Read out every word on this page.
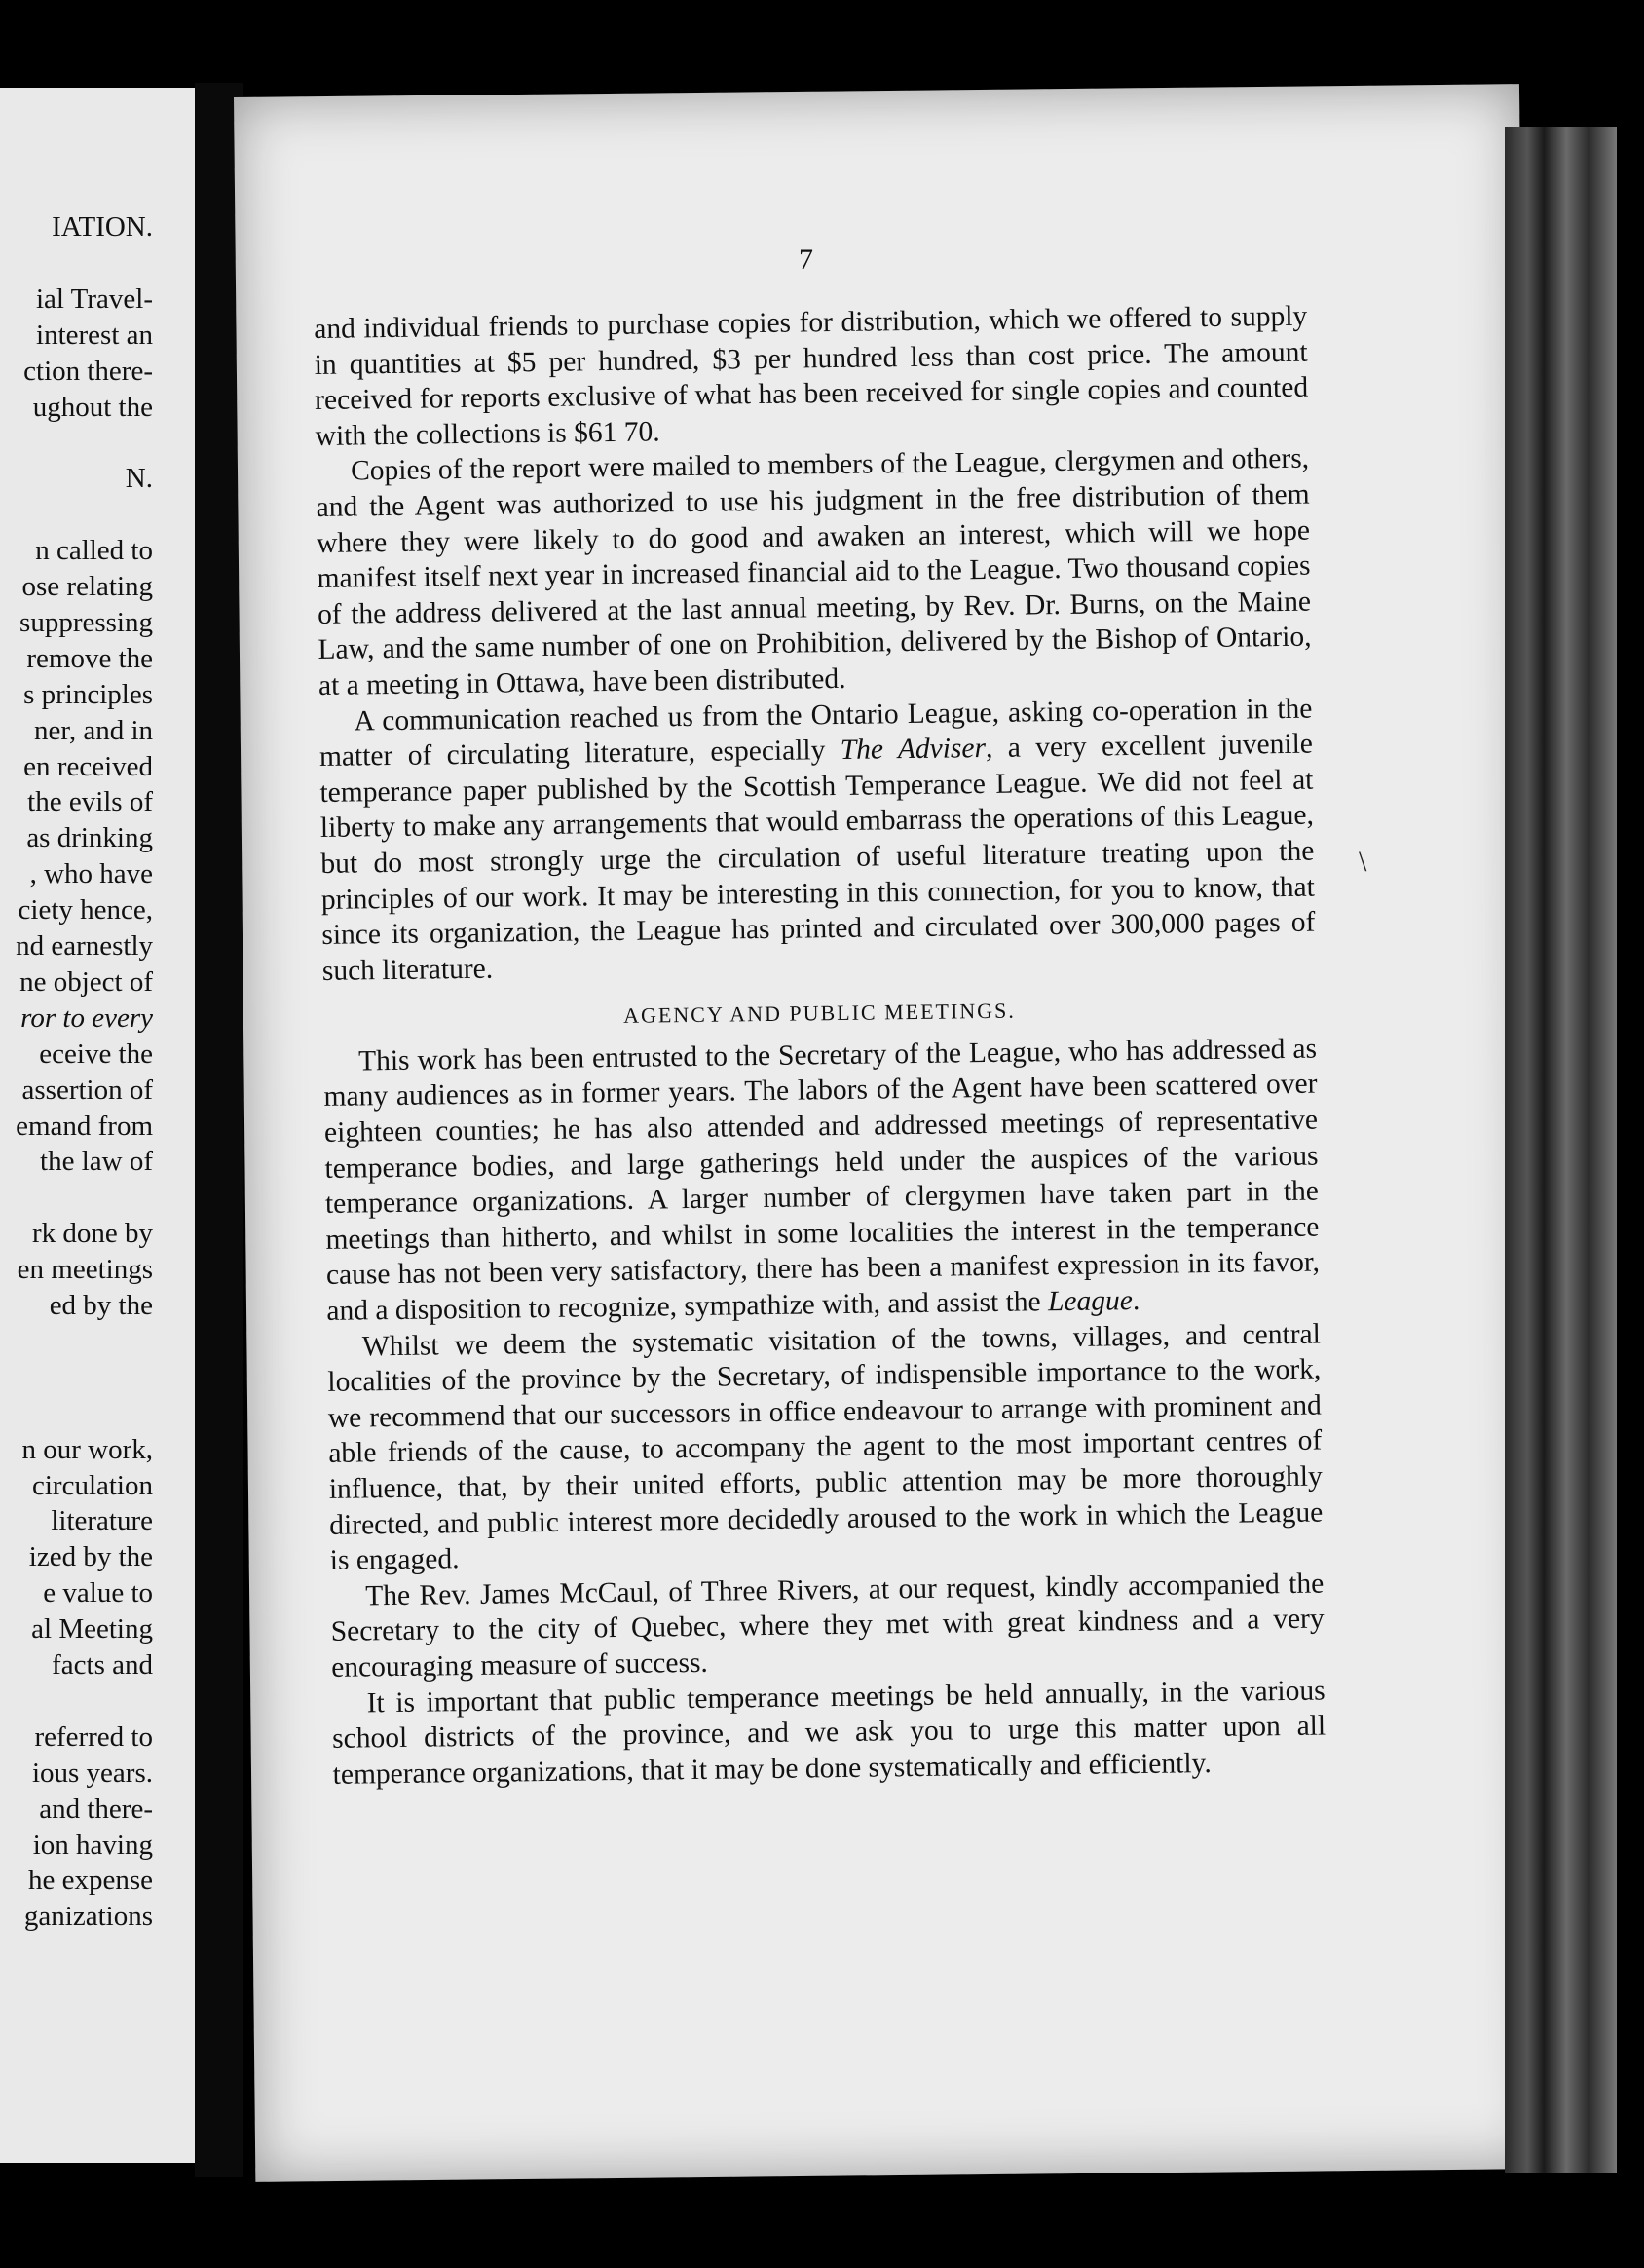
IATION.
ial Travel-
interest an
ction there-
ughout the
N.
n called to
ose relating
suppressing
remove the
s principles
ner, and in
en received
the evils of
as drinking
, who have
ciety hence,
nd earnestly
ne object of
ror to every
eceive the
assertion of
emand from
the law of
rk done by
en meetings
ed by the
n our work,
circulation
literature
ized by the
e value to
al Meeting
facts and
referred to
ious years.
and there-
ion having
he expense
ganizations
7
\

and individual friends to purchase copies for distribution, which we offered to supply in quantities at $5 per hundred, $3 per hundred less than cost price. The amount received for reports exclusive of what has been received for single copies and counted with the collections is $61 70.

Copies of the report were mailed to members of the League, clergymen and others, and the Agent was authorized to use his judgment in the free distribution of them where they were likely to do good and awaken an interest, which will we hope manifest itself next year in increased financial aid to the League. Two thousand copies of the address delivered at the last annual meeting, by Rev. Dr. Burns, on the Maine Law, and the same number of one on Prohibition, delivered by the Bishop of Ontario, at a meeting in Ottawa, have been distributed.

A communication reached us from the Ontario League, asking co-operation in the matter of circulating literature, especially The Adviser, a very excellent juvenile temperance paper published by the Scottish Temperance League. We did not feel at liberty to make any arrangements that would embarrass the operations of this League, but do most strongly urge the circulation of useful literature treating upon the principles of our work. It may be interesting in this connection, for you to know, that since its organization, the League has printed and circulated over 300,000 pages of such literature.

AGENCY AND PUBLIC MEETINGS.

This work has been entrusted to the Secretary of the League, who has addressed as many audiences as in former years. The labors of the Agent have been scattered over eighteen counties; he has also attended and addressed meetings of representative temperance bodies, and large gatherings held under the auspices of the various temperance organizations. A larger number of clergymen have taken part in the meetings than hitherto, and whilst in some localities the interest in the temperance cause has not been very satisfactory, there has been a manifest expression in its favor, and a disposition to recognize, sympathize with, and assist the League.

Whilst we deem the systematic visitation of the towns, villages, and central localities of the province by the Secretary, of indispensible importance to the work, we recommend that our successors in office endeavour to arrange with prominent and able friends of the cause, to accompany the agent to the most important centres of influence, that, by their united efforts, public attention may be more thoroughly directed, and public interest more decidedly aroused to the work in which the League is engaged.

The Rev. James McCaul, of Three Rivers, at our request, kindly accompanied the Secretary to the city of Quebec, where they met with great kindness and a very encouraging measure of success.

It is important that public temperance meetings be held annually, in the various school districts of the province, and we ask you to urge this matter upon all temperance organizations, that it may be done systematically and efficiently.
